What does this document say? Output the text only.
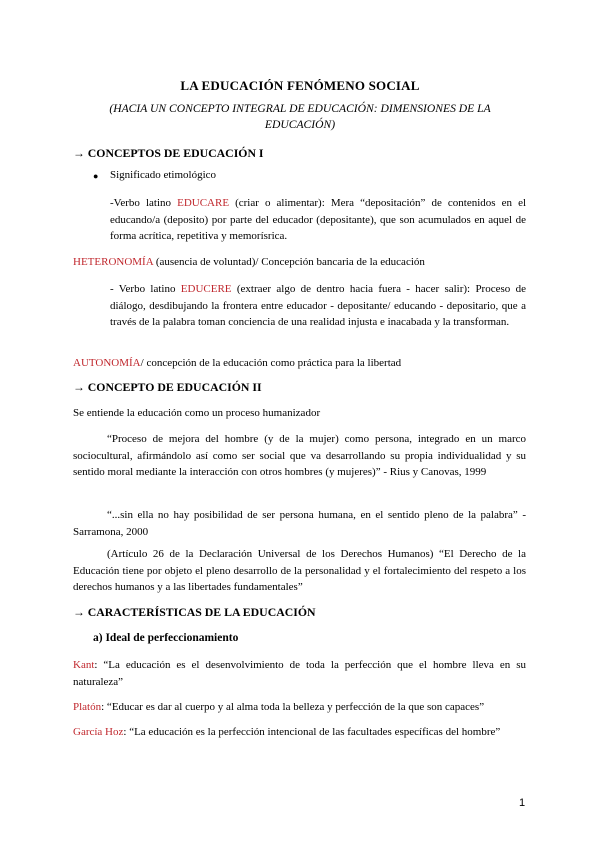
LA EDUCACIÓN FENÓMENO SOCIAL
(HACIA UN CONCEPTO INTEGRAL DE EDUCACIÓN: DIMENSIONES DE LA EDUCACIÓN)
→ CONCEPTOS DE EDUCACIÓN I
● Significado etimológico
-Verbo latino EDUCARE (criar o alimentar): Mera “depositación” de contenidos en el educando/a (deposito) por parte del educador (depositante), que son acumulados en aquel de forma acrítica, repetitiva y memorísrica.
HETERONOMÍA (ausencia de voluntad)/ Concepción bancaria de la educación
- Verbo latino EDUCERE (extraer algo de dentro hacia fuera - hacer salir): Proceso de diálogo, desdibujando la frontera entre educador - depositante/ educando - depositario, que a través de la palabra toman conciencia de una realidad injusta e inacabada y la transforman.
AUTONOMÍA/ concepción de la educación como práctica para la libertad
→ CONCEPTO DE EDUCACIÓN II
Se entiende la educación como un proceso humanizador
“Proceso de mejora del hombre (y de la mujer) como persona, integrado en un marco sociocultural, afirmándolo así como ser social que va desarrollando su propia individualidad y su sentido moral mediante la interacción con otros hombres (y mujeres)” - Rius y Canovas, 1999
“...sin ella no hay posibilidad de ser persona humana, en el sentido pleno de la palabra” - Sarramona, 2000
(Artículo 26 de la Declaración Universal de los Derechos Humanos) “El Derecho de la Educación tiene por objeto el pleno desarrollo de la personalidad y el fortalecimiento del respeto a los derechos humanos y a las libertades fundamentales”
→ CARACTERÍSTICAS DE LA EDUCACIÓN
a) Ideal de perfeccionamiento
Kant: “La educación es el desenvolvimiento de toda la perfección que el hombre lleva en su naturaleza”
Platón: “Educar es dar al cuerpo y al alma toda la belleza y perfección de la que son capaces”
García Hoz: “La educación es la perfección intencional de las facultades específicas del hombre”
1
